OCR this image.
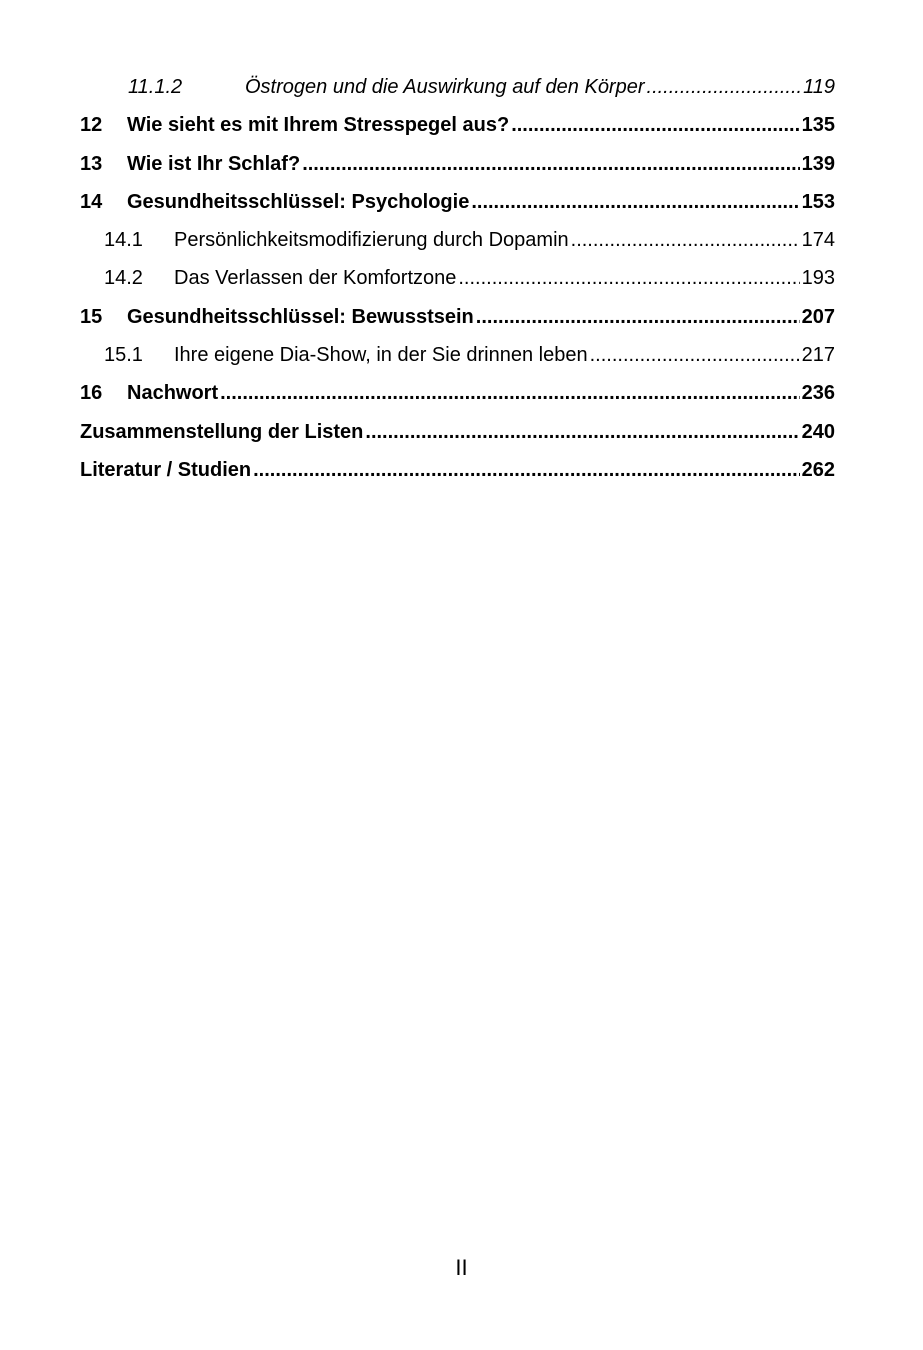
11.1.2	Östrogen und die Auswirkung auf den Körper .....	119
12	Wie sieht es mit Ihrem Stresspegel aus? .....	135
13	Wie ist Ihr Schlaf? .....	139
14	Gesundheitsschlüssel: Psychologie .....	153
14.1	Persönlichkeitsmodifizierung durch Dopamin .....	174
14.2	Das Verlassen der Komfortzone .....	193
15	Gesundheitsschlüssel: Bewusstsein .....	207
15.1	Ihre eigene Dia-Show, in der Sie drinnen leben .....	217
16	Nachwort .....	236
Zusammenstellung der Listen .....	240
Literatur / Studien .....	262
II
